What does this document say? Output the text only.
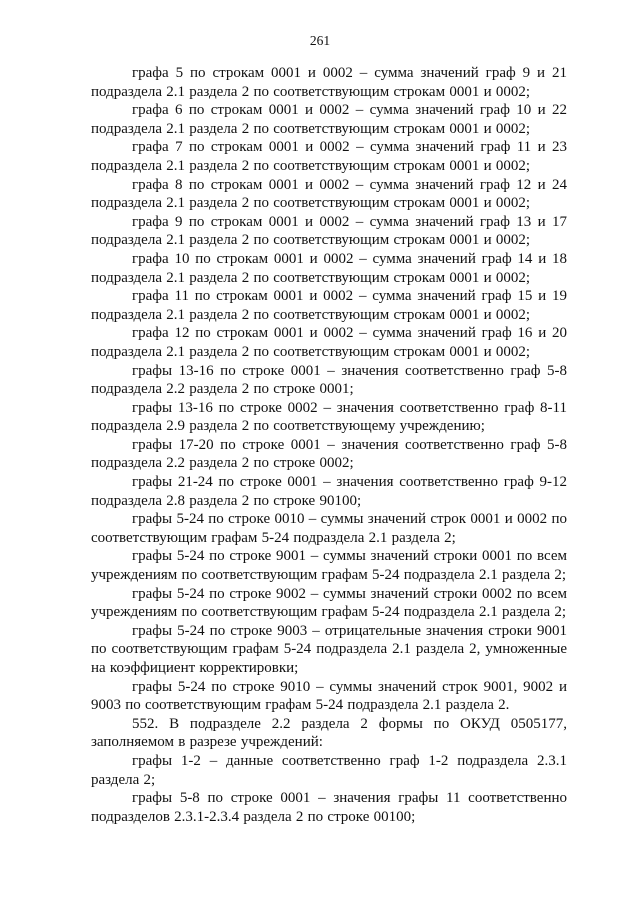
261

графа 5 по строкам 0001 и 0002 – сумма значений граф 9 и 21 подраздела 2.1 раздела 2 по соответствующим строкам 0001 и 0002;

графа 6 по строкам 0001 и 0002 – сумма значений граф 10 и 22 подраздела 2.1 раздела 2 по соответствующим строкам 0001 и 0002;

графа 7 по строкам 0001 и 0002 – сумма значений граф 11 и 23 подраздела 2.1 раздела 2 по соответствующим строкам 0001 и 0002;

графа 8 по строкам 0001 и 0002 – сумма значений граф 12 и 24 подраздела 2.1 раздела 2 по соответствующим строкам 0001 и 0002;

графа 9 по строкам 0001 и 0002 – сумма значений граф 13 и 17 подраздела 2.1 раздела 2 по соответствующим строкам 0001 и 0002;

графа 10 по строкам 0001 и 0002 – сумма значений граф 14 и 18 подраздела 2.1 раздела 2 по соответствующим строкам 0001 и 0002;

графа 11 по строкам 0001 и 0002 – сумма значений граф 15 и 19 подраздела 2.1 раздела 2 по соответствующим строкам 0001 и 0002;

графа 12 по строкам 0001 и 0002 – сумма значений граф 16 и 20 подраздела 2.1 раздела 2 по соответствующим строкам 0001 и 0002;

графы 13-16 по строке 0001 – значения соответственно граф 5-8 подраздела 2.2 раздела 2 по строке 0001;

графы 13-16 по строке 0002 – значения соответственно граф 8-11 подраздела 2.9 раздела 2 по соответствующему учреждению;

графы 17-20 по строке 0001 – значения соответственно граф 5-8 подраздела 2.2 раздела 2 по строке 0002;

графы 21-24 по строке 0001 – значения соответственно граф 9-12 подраздела 2.8 раздела 2 по строке 90100;

графы 5-24 по строке 0010 – суммы значений строк 0001 и 0002 по соответствующим графам 5-24 подраздела 2.1 раздела 2;

графы 5-24 по строке 9001 – суммы значений строки 0001 по всем учреждениям по соответствующим графам 5-24 подраздела 2.1 раздела 2;

графы 5-24 по строке 9002 – суммы значений строки 0002 по всем учреждениям по соответствующим графам 5-24 подраздела 2.1 раздела 2;

графы 5-24 по строке 9003 – отрицательные значения строки 9001 по соответствующим графам 5-24 подраздела 2.1 раздела 2, умноженные на коэффициент корректировки;

графы 5-24 по строке 9010 – суммы значений строк 9001, 9002 и 9003 по соответствующим графам 5-24 подраздела 2.1 раздела 2.

552. В подразделе 2.2 раздела 2 формы по ОКУД 0505177, заполняемом в разрезе учреждений:

графы 1-2 – данные соответственно граф 1-2 подраздела 2.3.1 раздела 2;

графы 5-8 по строке 0001 – значения графы 11 соответственно подразделов 2.3.1-2.3.4 раздела 2 по строке 00100;
